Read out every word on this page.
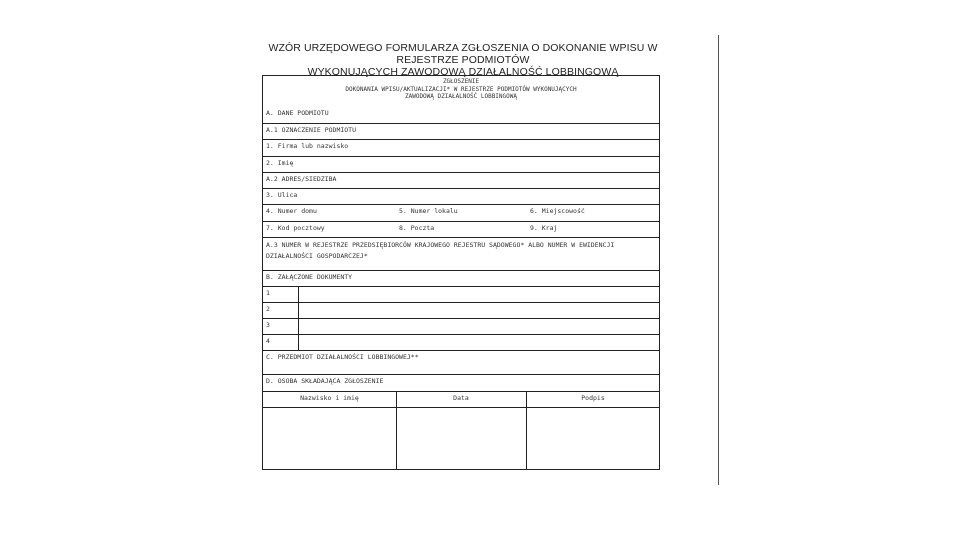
WZÓR URZĘDOWEGO FORMULARZA ZGŁOSZENIA O DOKONANIE WPISU W REJESTRZE PODMIOTÓW
WYKONUJĄCYCH ZAWODOWĄ DZIAŁALNOŚĆ LOBBINGOWĄ
ZGŁOSZENIE
DOKONANIA WPISU/AKTUALIZACJI* W REJESTRZE PODMIOTÓW WYKONUJĄCYCH
ZAWODOWĄ DZIAŁALNOŚĆ LOBBINGOWĄ
A. DANE PODMIOTU
A.1 OZNACZENIE PODMIOTU
1. Firma lub nazwisko
2. Imię
A.2 ADRES/SIEDZIBA
3. Ulica
4. Numer domu	5. Numer lokalu	6. Miejscowość
7. Kod pocztowy	8. Poczta	9. Kraj
A.3 NUMER W REJESTRZE PRZEDSIĘBIORCÓW KRAJOWEGO REJESTRU SĄDOWEGO* ALBO NUMER W EWIDENCJI
DZIAŁALNOŚCI GOSPODARCZEJ*
B. ZAŁĄCZONE DOKUMENTY
1
2
3
4
C. PRZEDMIOT DZIAŁALNOŚCI LOBBINGOWEJ**
D. OSOBA SKŁADAJĄCA ZGŁOSZENIE
Nazwisko i imię	Data	Podpis
